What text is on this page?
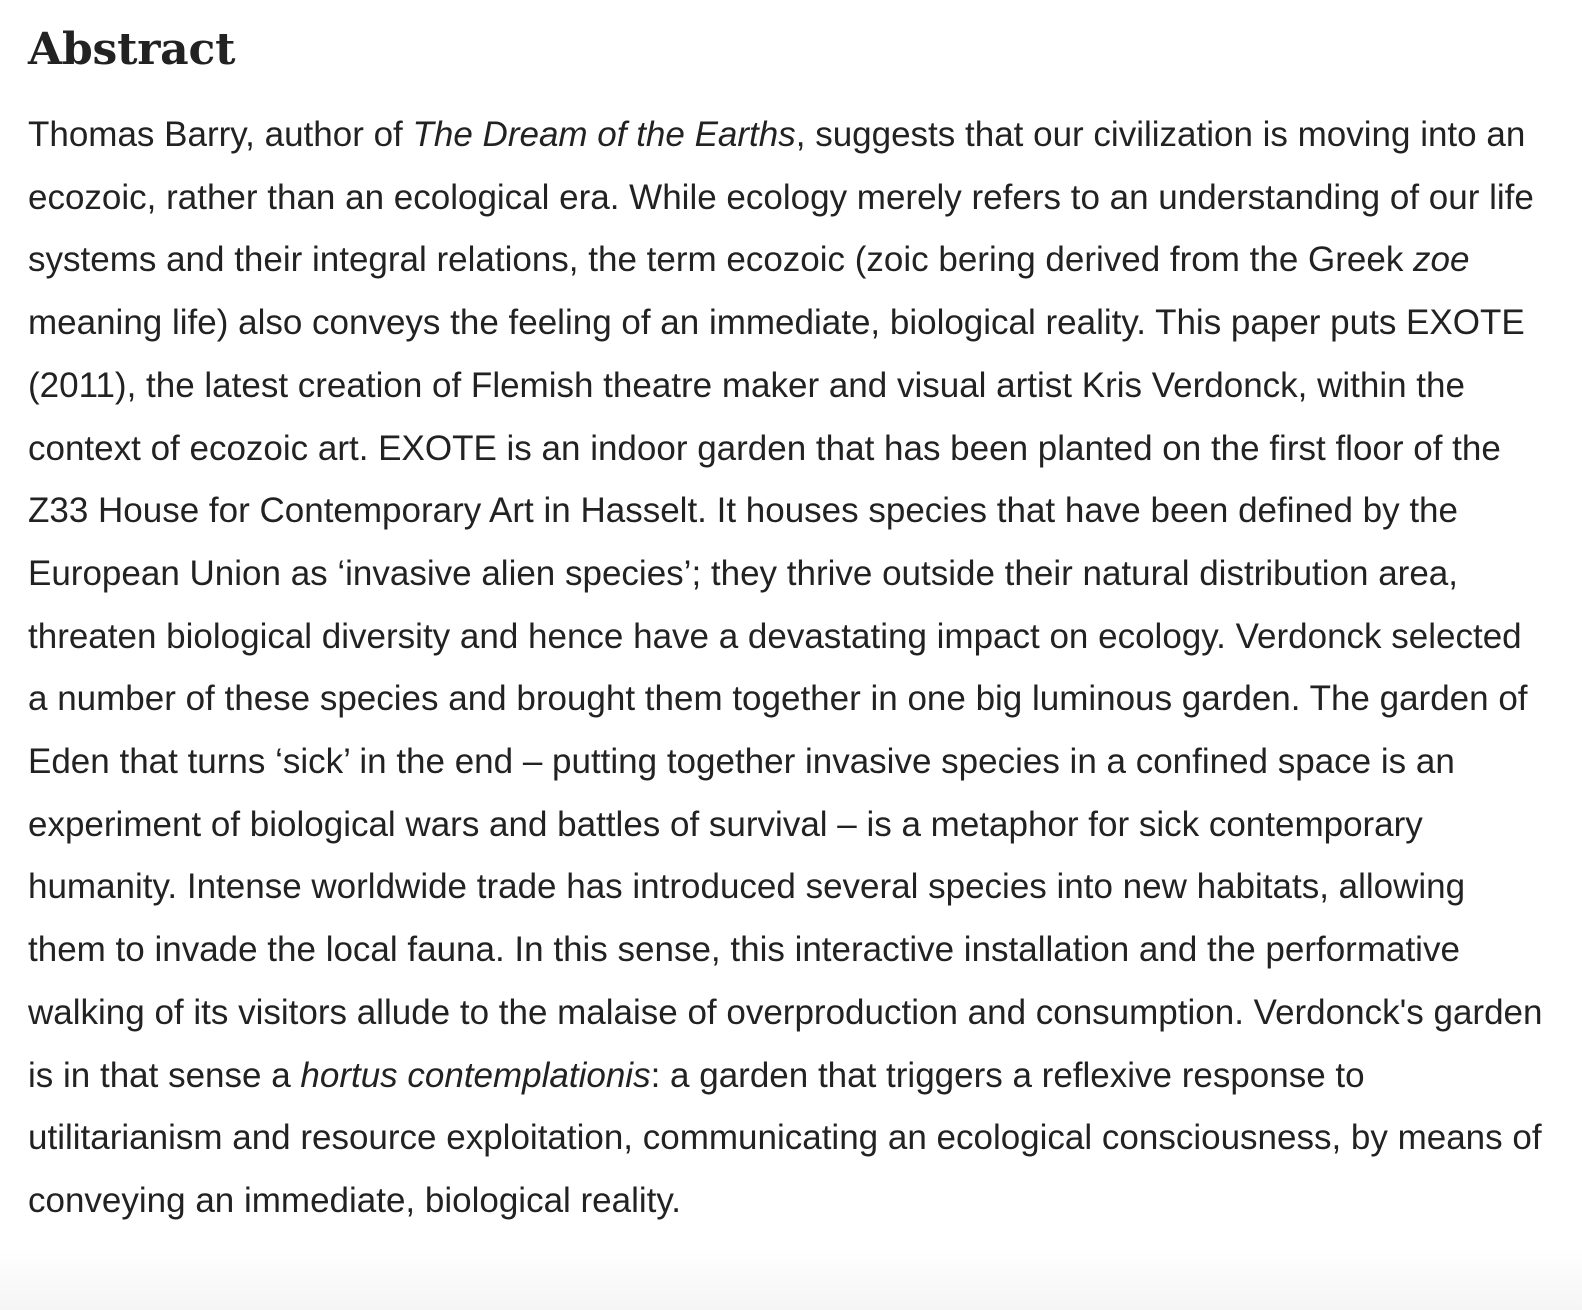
Abstract

Thomas Barry, author of The Dream of the Earths, suggests that our civilization is moving into an ecozoic, rather than an ecological era. While ecology merely refers to an understanding of our life systems and their integral relations, the term ecozoic (zoic bering derived from the Greek zoe meaning life) also conveys the feeling of an immediate, biological reality. This paper puts EXOTE (2011), the latest creation of Flemish theatre maker and visual artist Kris Verdonck, within the context of ecozoic art. EXOTE is an indoor garden that has been planted on the first floor of the Z33 House for Contemporary Art in Hasselt. It houses species that have been defined by the European Union as ‘invasive alien species’; they thrive outside their natural distribution area, threaten biological diversity and hence have a devastating impact on ecology. Verdonck selected a number of these species and brought them together in one big luminous garden. The garden of Eden that turns ‘sick’ in the end – putting together invasive species in a confined space is an experiment of biological wars and battles of survival – is a metaphor for sick contemporary humanity. Intense worldwide trade has introduced several species into new habitats, allowing them to invade the local fauna. In this sense, this interactive installation and the performative walking of its visitors allude to the malaise of overproduction and consumption. Verdonck's garden is in that sense a hortus contemplationis: a garden that triggers a reflexive response to utilitarianism and resource exploitation, communicating an ecological consciousness, by means of conveying an immediate, biological reality.
